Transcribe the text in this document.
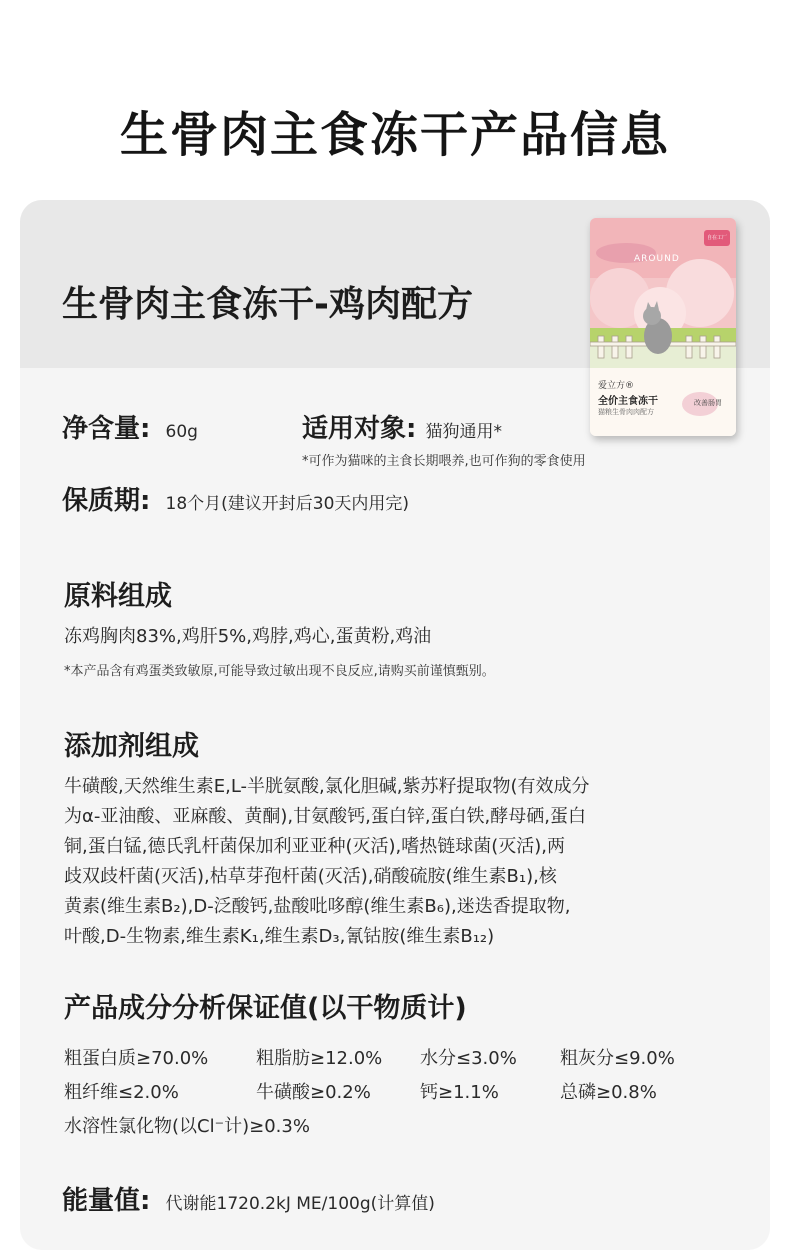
生骨肉主食冻干产品信息
生骨肉主食冻干-鸡肉配方
AROUND
自在工厂
爱立方®
全价主食冻干
猫粮生骨肉肉配方
改善肠胃
净含量: 60g	适用对象: 猫狗通用*
*可作为猫咪的主食长期喂养,也可作狗的零食使用
保质期: 18个月(建议开封后30天内用完)
原料组成
冻鸡胸肉83%,鸡肝5%,鸡脖,鸡心,蛋黄粉,鸡油
*本产品含有鸡蛋类致敏原,可能导致过敏出现不良反应,请购买前谨慎甄别。
添加剂组成
牛磺酸,天然维生素E,L-半胱氨酸,氯化胆碱,紫苏籽提取物(有效成分
为α-亚油酸、亚麻酸、黄酮),甘氨酸钙,蛋白锌,蛋白铁,酵母硒,蛋白
铜,蛋白锰,德氏乳杆菌保加利亚亚种(灭活),嗜热链球菌(灭活),两
歧双歧杆菌(灭活),枯草芽孢杆菌(灭活),硝酸硫胺(维生素B₁),核
黄素(维生素B₂),D-泛酸钙,盐酸吡哆醇(维生素B₆),迷迭香提取物,
叶酸,D-生物素,维生素K₁,维生素D₃,氰钴胺(维生素B₁₂)
产品成分分析保证值(以干物质计)
粗蛋白质≥70.0%	粗脂肪≥12.0% 水分≤3.0% 粗灰分≤9.0%
粗纤维≤2.0%	牛磺酸≥0.2%	钙≥1.1%	总磷≥0.8%
水溶性氯化物(以Cl⁻计)≥0.3%
能量值: 代谢能1720.2kJ ME/100g(计算值)
